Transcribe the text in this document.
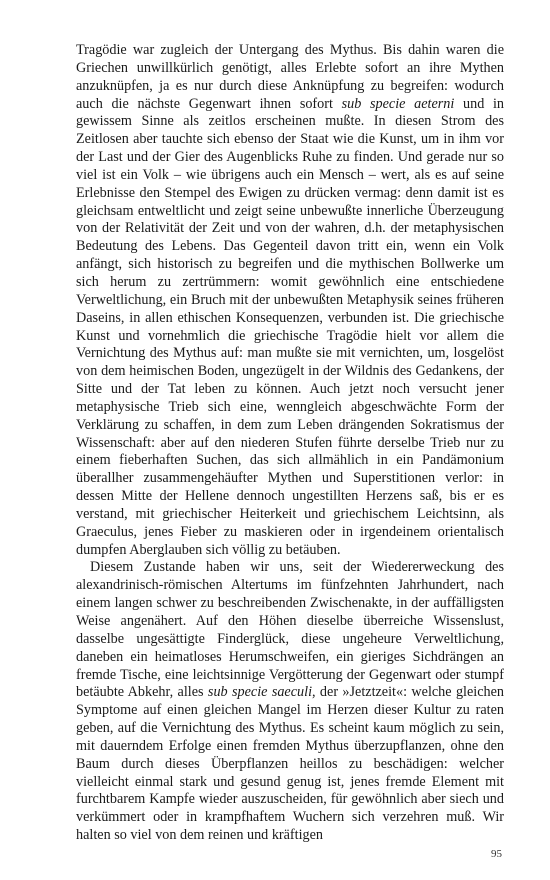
Tragödie war zugleich der Untergang des Mythus. Bis dahin waren die Griechen unwillkürlich genötigt, alles Erlebte sofort an ihre Mythen anzuknüpfen, ja es nur durch diese Anknüpfung zu begreifen: wodurch auch die nächste Gegenwart ihnen sofort sub specie aeterni und in gewissem Sinne als zeitlos erscheinen mußte. In diesen Strom des Zeitlosen aber tauchte sich ebenso der Staat wie die Kunst, um in ihm vor der Last und der Gier des Augenblicks Ruhe zu finden. Und gerade nur so viel ist ein Volk – wie übrigens auch ein Mensch – wert, als es auf seine Erlebnisse den Stempel des Ewigen zu drücken vermag: denn damit ist es gleichsam entweltlicht und zeigt seine unbewußte innerliche Überzeugung von der Relativität der Zeit und von der wahren, d.h. der metaphysischen Bedeutung des Lebens. Das Gegenteil davon tritt ein, wenn ein Volk anfängt, sich historisch zu begreifen und die mythischen Bollwerke um sich herum zu zertrümmern: womit gewöhnlich eine entschiedene Verweltlichung, ein Bruch mit der unbewußten Metaphysik seines früheren Daseins, in allen ethischen Konsequenzen, verbunden ist. Die griechische Kunst und vornehmlich die griechische Tragödie hielt vor allem die Vernichtung des Mythus auf: man mußte sie mit vernichten, um, losgelöst von dem heimischen Boden, ungezügelt in der Wildnis des Gedankens, der Sitte und der Tat leben zu können. Auch jetzt noch versucht jener metaphysische Trieb sich eine, wenngleich abgeschwächte Form der Verklärung zu schaffen, in dem zum Leben drängenden Sokratismus der Wissenschaft: aber auf den niederen Stufen führte derselbe Trieb nur zu einem fieberhaften Suchen, das sich allmählich in ein Pandämonium überallher zusammengehäufter Mythen und Superstitionen verlor: in dessen Mitte der Hellene dennoch ungestillten Herzens saß, bis er es verstand, mit griechischer Heiterkeit und griechischem Leichtsinn, als Graeculus, jenes Fieber zu maskieren oder in irgendeinem orientalisch dumpfen Aberglauben sich völlig zu betäuben.

Diesem Zustande haben wir uns, seit der Wiedererweckung des alexandrinisch-römischen Altertums im fünfzehnten Jahrhundert, nach einem langen schwer zu beschreibenden Zwischenakte, in der auffälligsten Weise angenähert. Auf den Höhen dieselbe überreiche Wissenslust, dasselbe ungesättigte Finderglück, diese ungeheure Verweltlichung, daneben ein heimatloses Herumschweifen, ein gieriges Sichdrängen an fremde Tische, eine leichtsinnige Vergötterung der Gegenwart oder stumpf betäubte Abkehr, alles sub specie saeculi, der »Jetztzeit«: welche gleichen Symptome auf einen gleichen Mangel im Herzen dieser Kultur zu raten geben, auf die Vernichtung des Mythus. Es scheint kaum möglich zu sein, mit dauerndem Erfolge einen fremden Mythus überzupflanzen, ohne den Baum durch dieses Überpflanzen heillos zu beschädigen: welcher vielleicht einmal stark und gesund genug ist, jenes fremde Element mit furchtbarem Kampfe wieder auszuscheiden, für gewöhnlich aber siech und verkümmert oder in krampfhaftem Wuchern sich verzehren muß. Wir halten so viel von dem reinen und kräftigen

95
